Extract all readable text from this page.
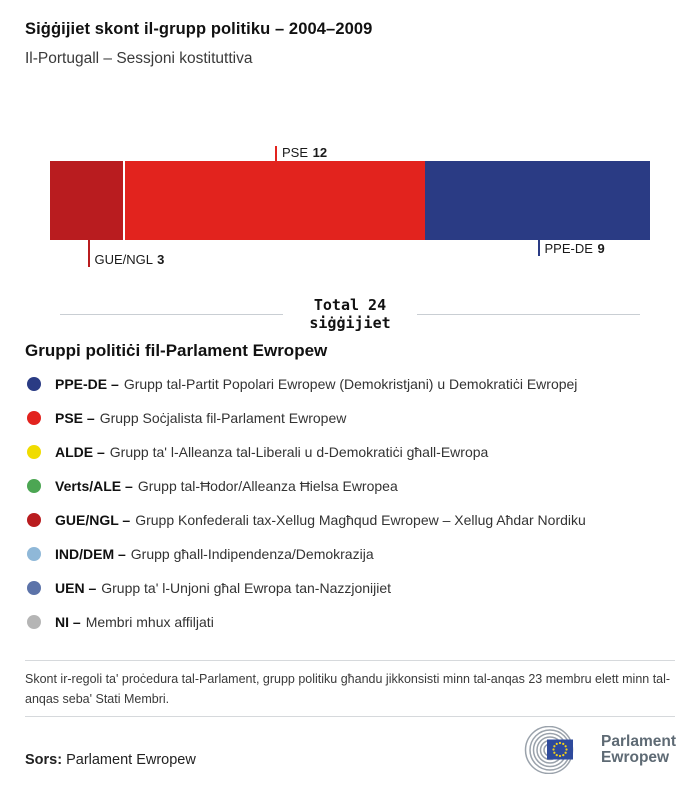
Siġġijiet skont il-grupp politiku – 2004–2009

Il-Portugall – Sessjoni kostituttiva

GUE/NGL 3
PSE 12
PPE-DE 9
Total 24
siġġijiet
Gruppi politiċi fil-Parlament Ewropew
PPE-DE – Grupp tal-Partit Popolari Ewropew (Demokristjani) u Demokratiċi Ewropej
PSE – Grupp Soċjalista fil-Parlament Ewropew
ALDE – Grupp ta' l-Alleanza tal-Liberali u d-Demokratiċi għall-Ewropa
Verts/ALE – Grupp tal-Ħodor/Alleanza Ħielsa Ewropea
GUE/NGL – Grupp Konfederali tax-Xellug Magħqud Ewropew – Xellug Aħdar Nordiku
IND/DEM – Grupp għall-Indipendenza/Demokrazija
UEN – Grupp ta' l-Unjoni għal Ewropa tan-Nazzjonijiet
NI – Membri mhux affiljati

Skont ir-regoli ta' proċedura tal-Parlament, grupp politiku għandu jikkonsisti minn tal-anqas 23 membru elett minn tal-anqas seba' Stati Membri.

Sors: Parlament Ewropew
Parlament
Ewropew
